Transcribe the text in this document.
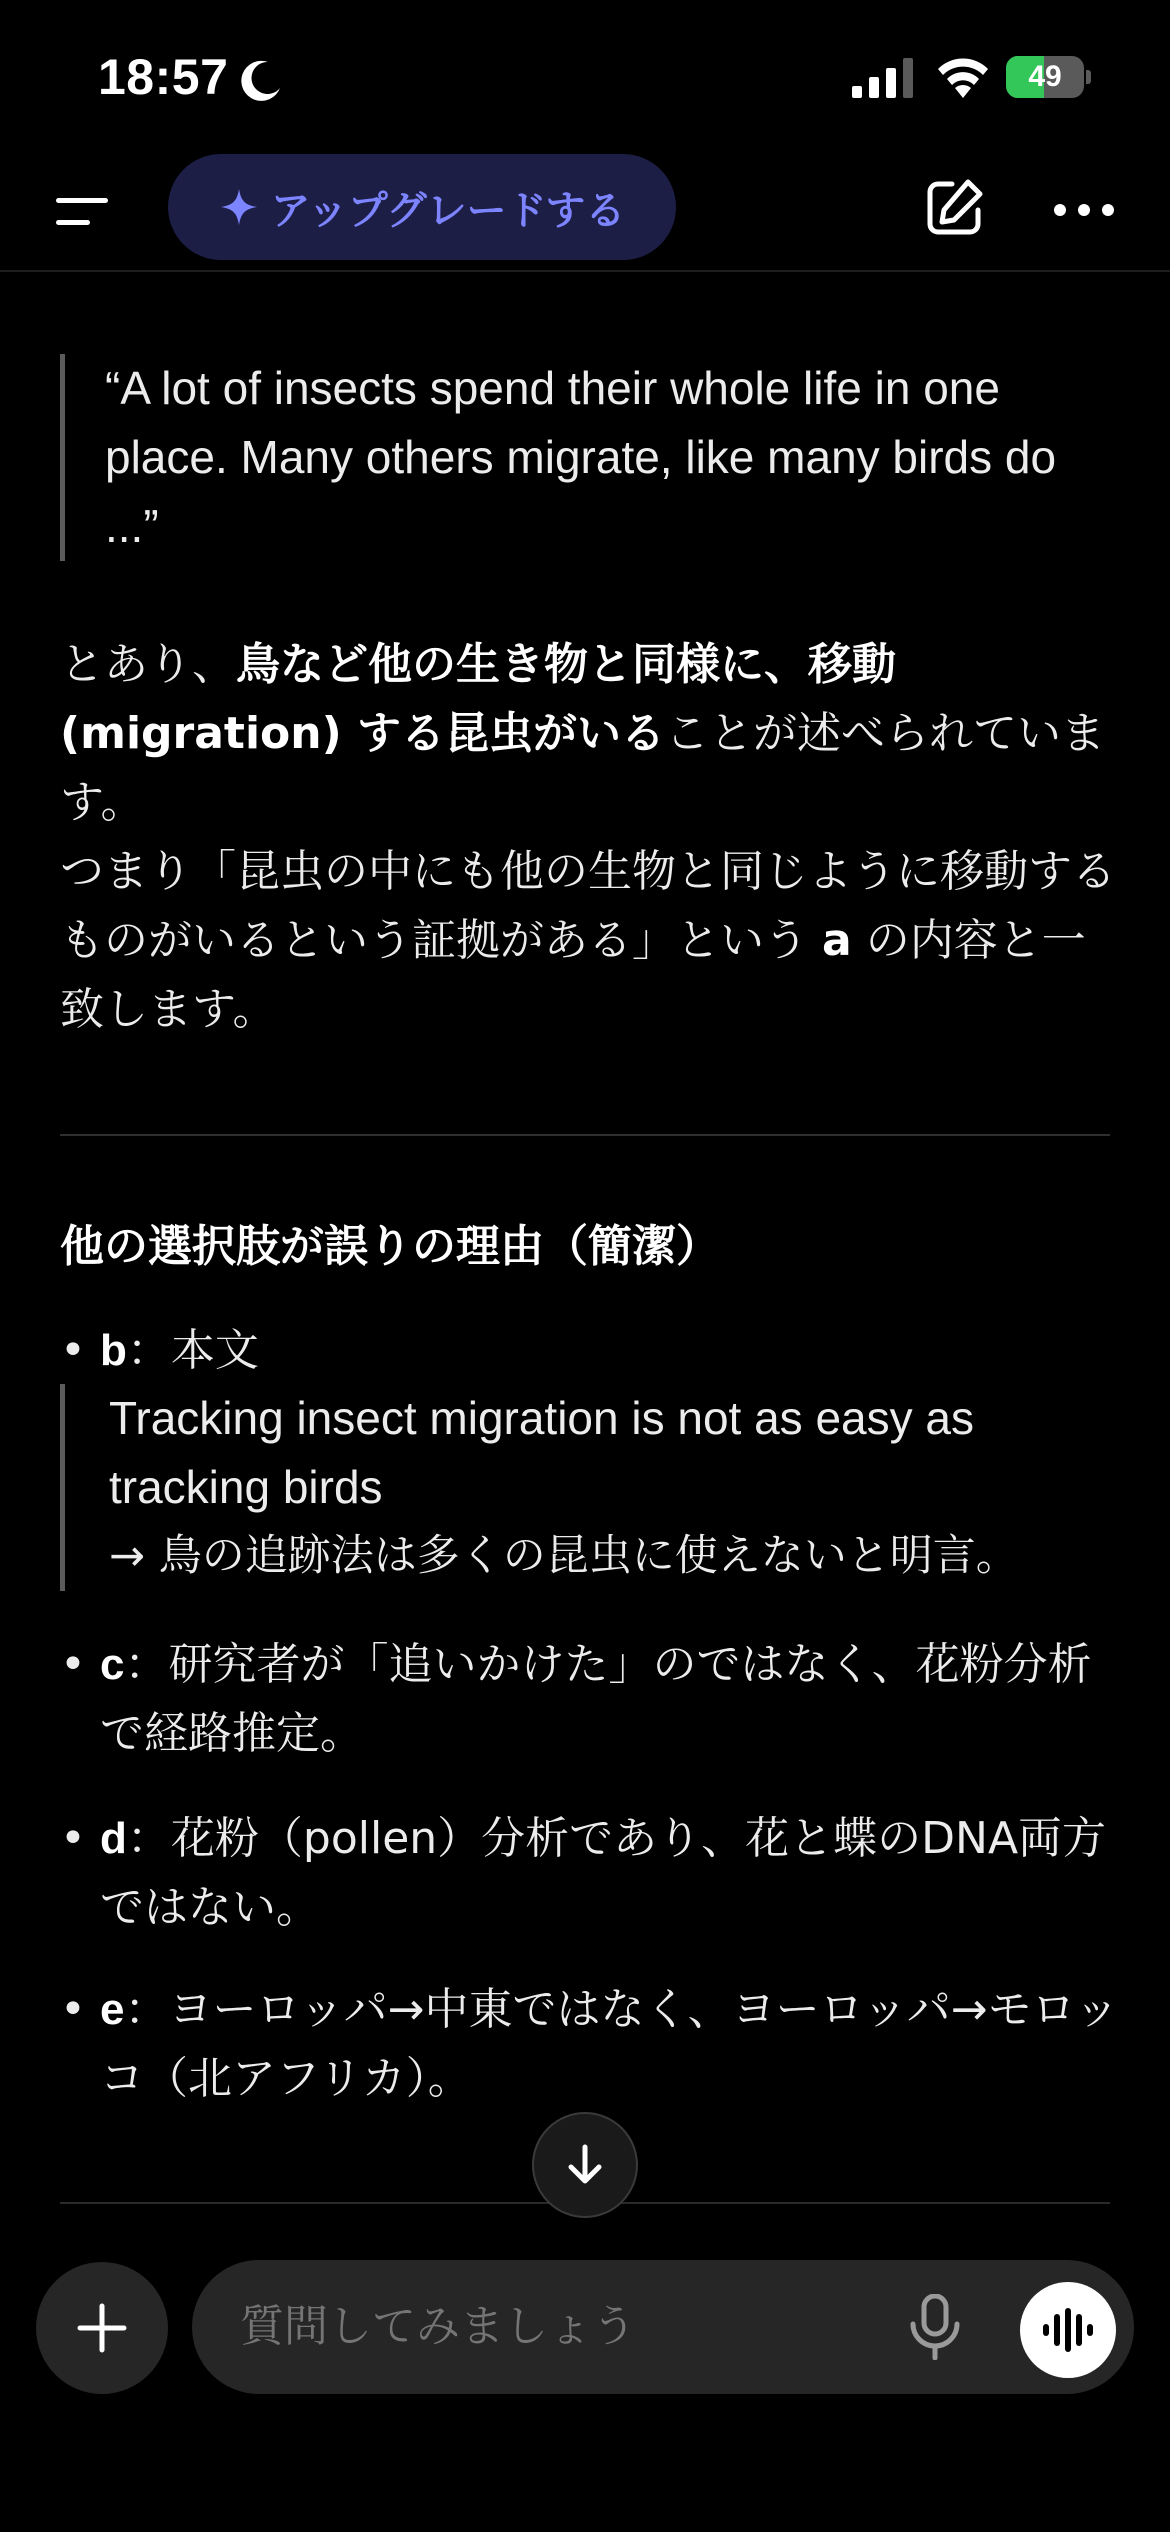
18:57	49
アップグレードする
“A lot of insects spend their whole life in one place. Many others migrate, like many birds do ...”
とあり、鳥など他の生き物と同様に、移動 (migration) する昆虫がいることが述べられています。
つまり「昆虫の中にも他の生物と同じように移動するものがいるという証拠がある」という a の内容と一致します。
他の選択肢が誤りの理由（簡潔）
• b：本文
Tracking insect migration is not as easy as tracking birds
→ 鳥の追跡法は多くの昆虫に使えないと明言。
• c：研究者が「追いかけた」のではなく、花粉分析で経路推定。
• d：花粉（pollen）分析であり、花と蝶のDNA両方ではない。
• e：ヨーロッパ→中東ではなく、ヨーロッパ→モロッコ（北アフリカ）。
質問してみましょう
